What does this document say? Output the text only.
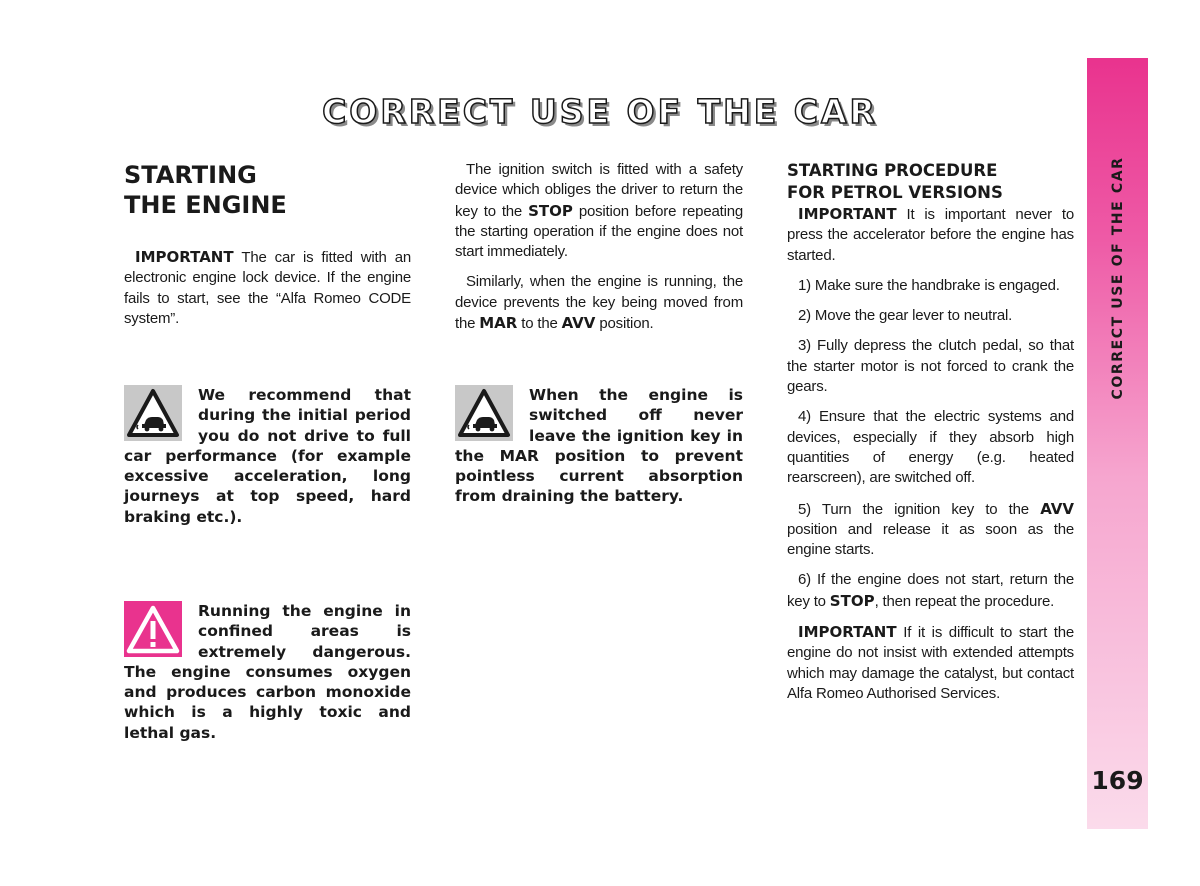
CORRECT USE OF THE CAR
169
CORRECT USE OF THE CAR
STARTING
THE ENGINE

IMPORTANT The car is fitted with an electronic engine lock device. If the engine fails to start, see the “Alfa Romeo CODE system”.

We recommend that during the initial period you do not drive to full car performance (for example excessive acceleration, long journeys at top speed, hard braking etc.).
Running the engine in confined areas is extremely dangerous. The engine consumes oxygen and produces carbon monoxide which is a highly toxic and lethal gas.

The ignition switch is fitted with a safety device which obliges the driver to return the key to the STOP position before repeating the starting operation if the engine does not start immediately.

Similarly, when the engine is running, the device prevents the key being moved from the MAR to the AVV position.

When the engine is switched off never leave the ignition key in the MAR position to prevent pointless current absorption from draining the battery.
STARTING PROCEDURE
FOR PETROL VERSIONS

IMPORTANT It is important never to press the accelerator before the engine has started.

1) Make sure the handbrake is engaged.

2) Move the gear lever to neutral.

3) Fully depress the clutch pedal, so that the starter motor is not forced to crank the gears.

4) Ensure that the electric systems and devices, especially if they absorb high quantities of energy (e.g. heated rearscreen), are switched off.

5) Turn the ignition key to the AVV position and release it as soon as the engine starts.

6) If the engine does not start, return the key to STOP, then repeat the procedure.

IMPORTANT If it is difficult to start the engine do not insist with extended attempts which may damage the catalyst, but contact Alfa Romeo Authorised Services.
